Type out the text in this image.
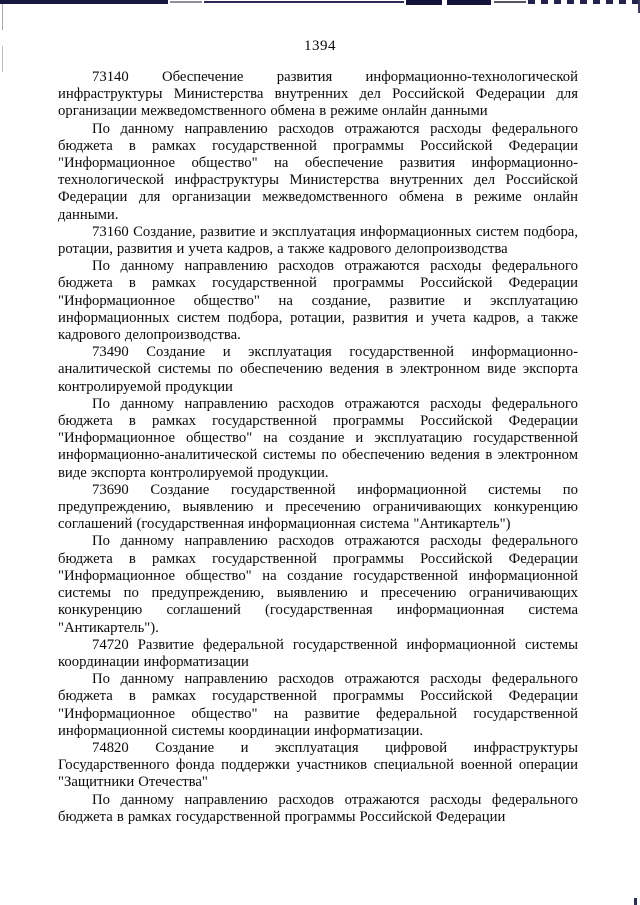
1394

73140 Обеспечение развития информационно-технологической инфраструктуры Министерства внутренних дел Российской Федерации для организации межведомственного обмена в режиме онлайн данными

По данному направлению расходов отражаются расходы федерального бюджета в рамках государственной программы Российской Федерации "Информационное общество" на обеспечение развития информационно-технологической инфраструктуры Министерства внутренних дел Российской Федерации для организации межведомственного обмена в режиме онлайн данными.

73160 Создание, развитие и эксплуатация информационных систем подбора, ротации, развития и учета кадров, а также кадрового делопроизводства

По данному направлению расходов отражаются расходы федерального бюджета в рамках государственной программы Российской Федерации "Информационное общество" на создание, развитие и эксплуатацию информационных систем подбора, ротации, развития и учета кадров, а также кадрового делопроизводства.

73490 Создание и эксплуатация государственной информационно-аналитической системы по обеспечению ведения в электронном виде экспорта контролируемой продукции

По данному направлению расходов отражаются расходы федерального бюджета в рамках государственной программы Российской Федерации "Информационное общество" на создание и эксплуатацию государственной информационно-аналитической системы по обеспечению ведения в электронном виде экспорта контролируемой продукции.

73690 Создание государственной информационной системы по предупреждению, выявлению и пресечению ограничивающих конкуренцию соглашений (государственная информационная система "Антикартель")

По данному направлению расходов отражаются расходы федерального бюджета в рамках государственной программы Российской Федерации "Информационное общество" на создание государственной информационной системы по предупреждению, выявлению и пресечению ограничивающих конкуренцию соглашений (государственная информационная система "Антикартель").

74720 Развитие федеральной государственной информационной системы координации информатизации

По данному направлению расходов отражаются расходы федерального бюджета в рамках государственной программы Российской Федерации "Информационное общество" на развитие федеральной государственной информационной системы координации информатизации.

74820 Создание и эксплуатация цифровой инфраструктуры Государственного фонда поддержки участников специальной военной операции "Защитники Отечества"

По данному направлению расходов отражаются расходы федерального бюджета в рамках государственной программы Российской Федерации
